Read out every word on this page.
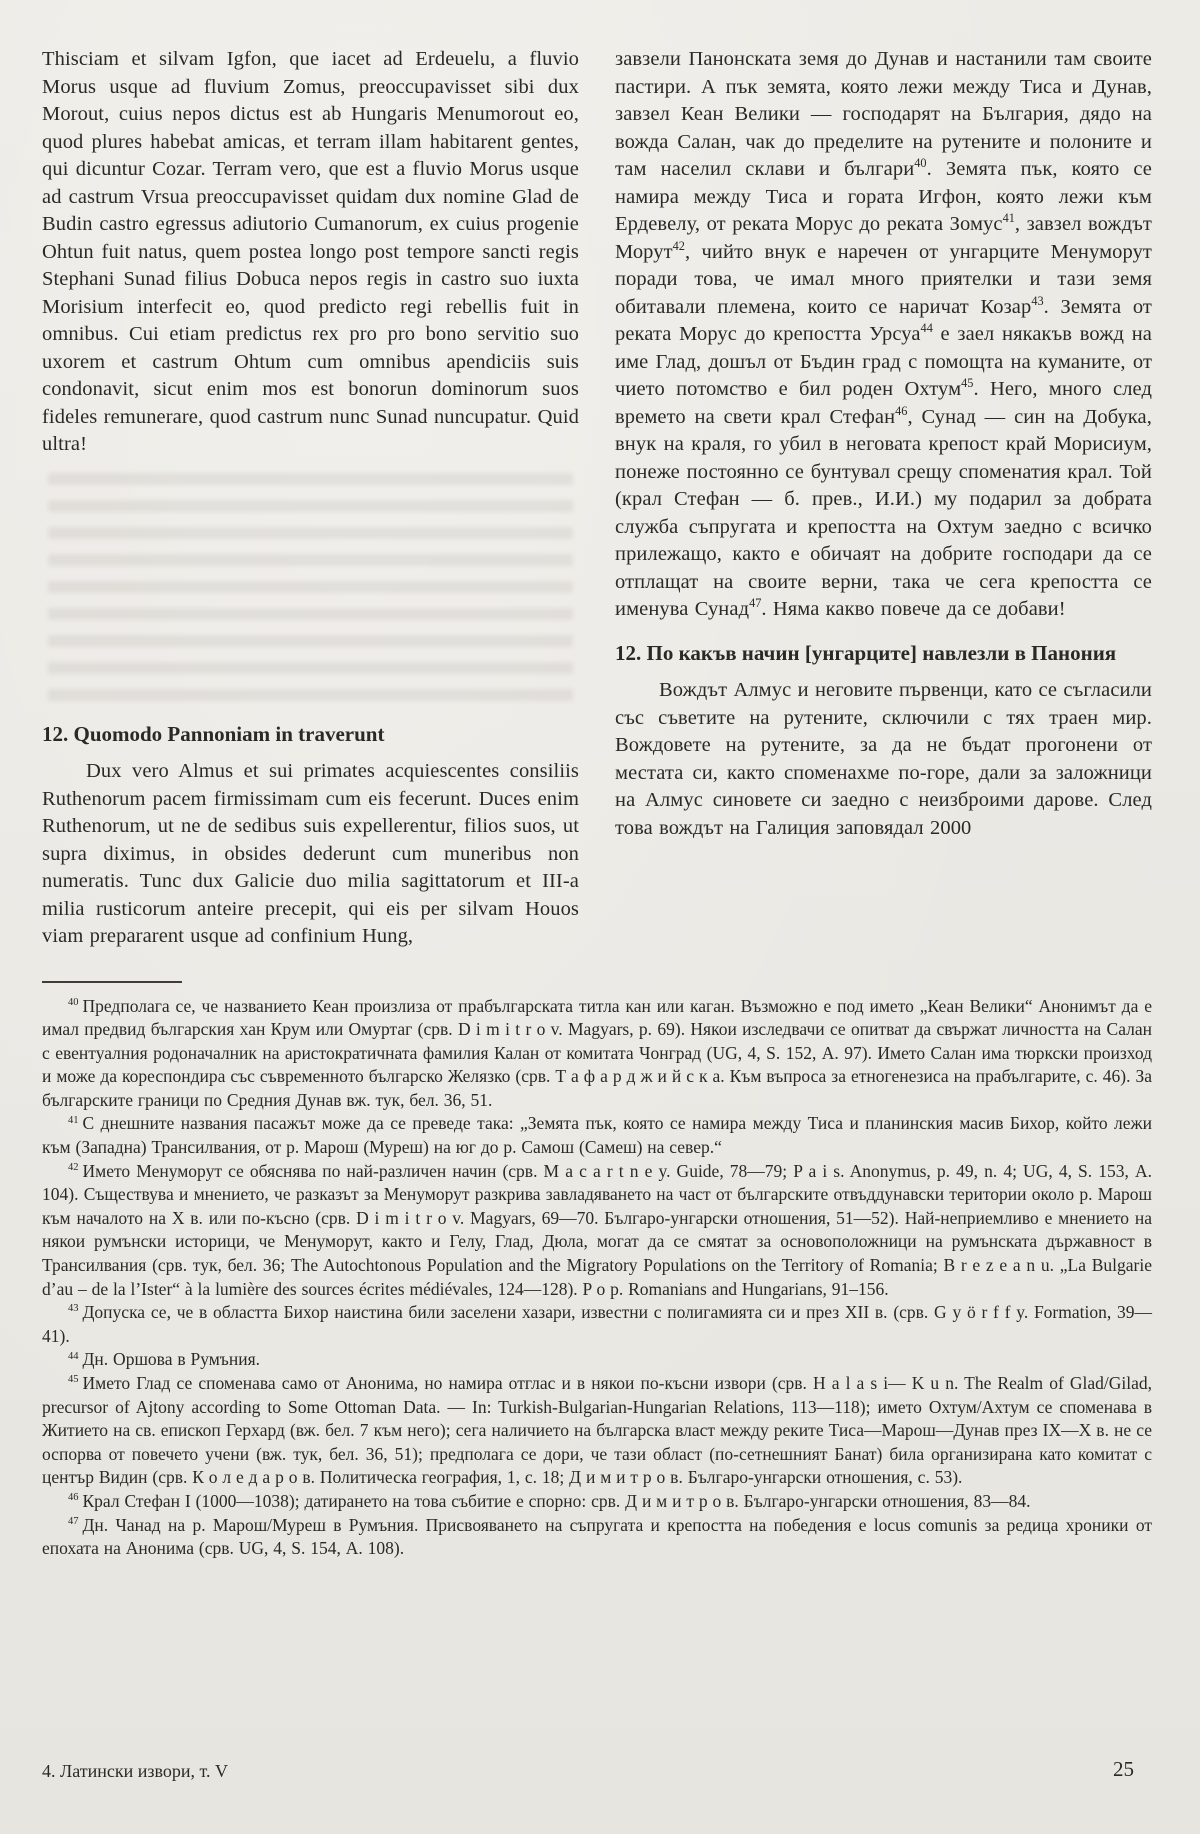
Thisciam et silvam Igfon, que iacet ad Erdeuelu, a fluvio Morus usque ad fluvium Zomus, preoccupavisset sibi dux Morout, cuius nepos dictus est ab Hungaris Menumorout eo, quod plures habebat amicas, et terram illam habitarent gentes, qui dicuntur Cozar. Terram vero, que est a fluvio Morus usque ad castrum Vrsua preoccupavisset quidam dux nomine Glad de Budin castro egressus adiutorio Cumanorum, ex cuius progenie Ohtun fuit natus, quem postea longo post tempore sancti regis Stephani Sunad filius Dobuca nepos regis in castro suo iuxta Morisium interfecit eo, quod predicto regi rebellis fuit in omnibus. Cui etiam predictus rex pro pro bono servitio suo uxorem et castrum Ohtum cum omnibus apendiciis suis condonavit, sicut enim mos est bonorun dominorum suos fideles remunerare, quod castrum nunc Sunad nuncupatur. Quid ultra!

12. Quomodo Pannoniam in traverunt

Dux vero Almus et sui primates acquiescentes consiliis Ruthenorum pacem firmissimam cum eis fecerunt. Duces enim Ruthenorum, ut ne de sedibus suis expellerentur, filios suos, ut supra diximus, in obsides dederunt cum muneribus non numeratis. Tunc dux Galicie duo milia sagittatorum et III-a milia rusticorum anteire precepit, qui eis per silvam Houos viam prepararent usque ad confinium Hung,

завзели Панонската земя до Дунав и настанили там своите пастири. А пък земята, която лежи между Тиса и Дунав, завзел Кеан Велики — господарят на България, дядо на вожда Салан, чак до пределите на рутените и полоните и там населил склави и българи$^{40}$. Земята пък, която се намира между Тиса и гората Игфон, която лежи към Ердевелу, от реката Морус до реката Зомус$^{41}$, завзел вождът Морут$^{42}$, чийто внук е наречен от унгарците Менуморут поради това, че имал много приятелки и тази земя обитавали племена, които се наричат Козар$^{43}$. Земята от реката Морус до крепостта Урсуа$^{44}$ е заел някакъв вожд на име Глад, дошъл от Бъдин град с помощта на куманите, от чието потомство е бил роден Охтум$^{45}$. Него, много след времето на свети крал Стефан$^{46}$, Сунад — син на Добука, внук на краля, го убил в неговата крепост край Морисиум, понеже постоянно се бунтувал срещу споменатия крал. Той (крал Стефан — б. прев., И.И.) му подарил за добрата служба съпругата и крепостта на Охтум заедно с всичко прилежащо, както е обичаят на добрите господари да се отплащат на своите верни, така че сега крепостта се именува Сунад$^{47}$. Няма какво повече да се добави!

12. По какъв начин [унгарците] навлезли в Панония

Вождът Алмус и неговите първенци, като се съгласили със съветите на рутените, сключили с тях траен мир. Вождовете на рутените, за да не бъдат прогонени от местата си, както споменахме по-горе, дали за заложници на Алмус синовете си заедно с неизброими дарове. След това вождът на Галиция заповядал 2000

$^{40}$ Предполага се, че названието Кеан произлиза от прабългарската титла кан или каган. Възможно е под името „Кеан Велики“ Анонимът да е имал предвид българския хан Крум или Омуртаг (срв. D i m i t r o v. Magyars, p. 69). Някои изследвачи се опитват да свържат личността на Салан с евентуалния родоначалник на аристократичната фамилия Калан от комитата Чонград (UG, 4, S. 152, А. 97). Името Салан има тюркски произход и може да кореспондира със съвременното българско Желязко (срв. Т а ф а р д ж и й с к а. Към въпроса за етногенезиса на прабългарите, с. 46). За българските граници по Средния Дунав вж. тук, бел. 36, 51.

$^{41}$ С днешните названия пасажът може да се преведе така: „Земята пък, която се намира между Тиса и планинския масив Бихор, който лежи към (Западна) Трансилвания, от р. Марош (Муреш) на юг до р. Самош (Самеш) на север.“

$^{42}$ Името Менуморут се обяснява по най-различен начин (срв. M a c a r t n e y. Guide, 78—79; P a i s. Anonymus, p. 49, n. 4; UG, 4, S. 153, А. 104). Съществува и мнението, че разказът за Менуморут разкрива завладяването на част от българските отвъддунавски територии около р. Марош към началото на X в. или по-късно (срв. D i m i t r o v. Magyars, 69—70. Българо-унгарски отношения, 51—52). Най-неприемливо е мнението на някои румънски историци, че Менуморут, както и Гелу, Глад, Дюла, могат да се смятат за основоположници на румънската държавност в Трансилвания (срв. тук, бел. 36; The Autochtonous Population and the Migratory Populations on the Territory of Romania; B r e z e a n u. „La Bulgarie d’au – de la l’Ister“ à la lumière des sources écrites médiévales, 124—128). P o p. Romanians and Hungarians, 91–156.

$^{43}$ Допуска се, че в областта Бихор наистина били заселени хазари, известни с полигамията си и през XII в. (срв. G y ö r f f y. Formation, 39—41).

$^{44}$ Дн. Оршова в Румъния.

$^{45}$ Името Глад се споменава само от Анонима, но намира отглас и в някои по-късни извори (срв. H a l a s i— K u n. The Realm of Glad/Gilad, precursor of Ajtony according to Some Ottoman Data. — In: Turkish-Bulgarian-Hungarian Relations, 113—118); името Охтум/Ахтум се споменава в Житието на св. епископ Герхард (вж. бел. 7 към него); сега наличието на българска власт между реките Тиса—Марош—Дунав през IX—X в. не се оспорва от повечето учени (вж. тук, бел. 36, 51); предполага се дори, че тази област (по-сетнешният Банат) била организирана като комитат с център Видин (срв. К о л е д а р о в. Политическа география, 1, с. 18; Д и м и т р о в. Българо-унгарски отношения, с. 53).

$^{46}$ Крал Стефан I (1000—1038); датирането на това събитие е спорно: срв. Д и м и т р о в. Българо-унгарски отношения, 83—84.

$^{47}$ Дн. Чанад на р. Марош/Муреш в Румъния. Присвояването на съпругата и крепостта на победения е locus comunis за редица хроники от епохата на Анонима (срв. UG, 4, S. 154, А. 108).

4. Латински извори, т. V	25
